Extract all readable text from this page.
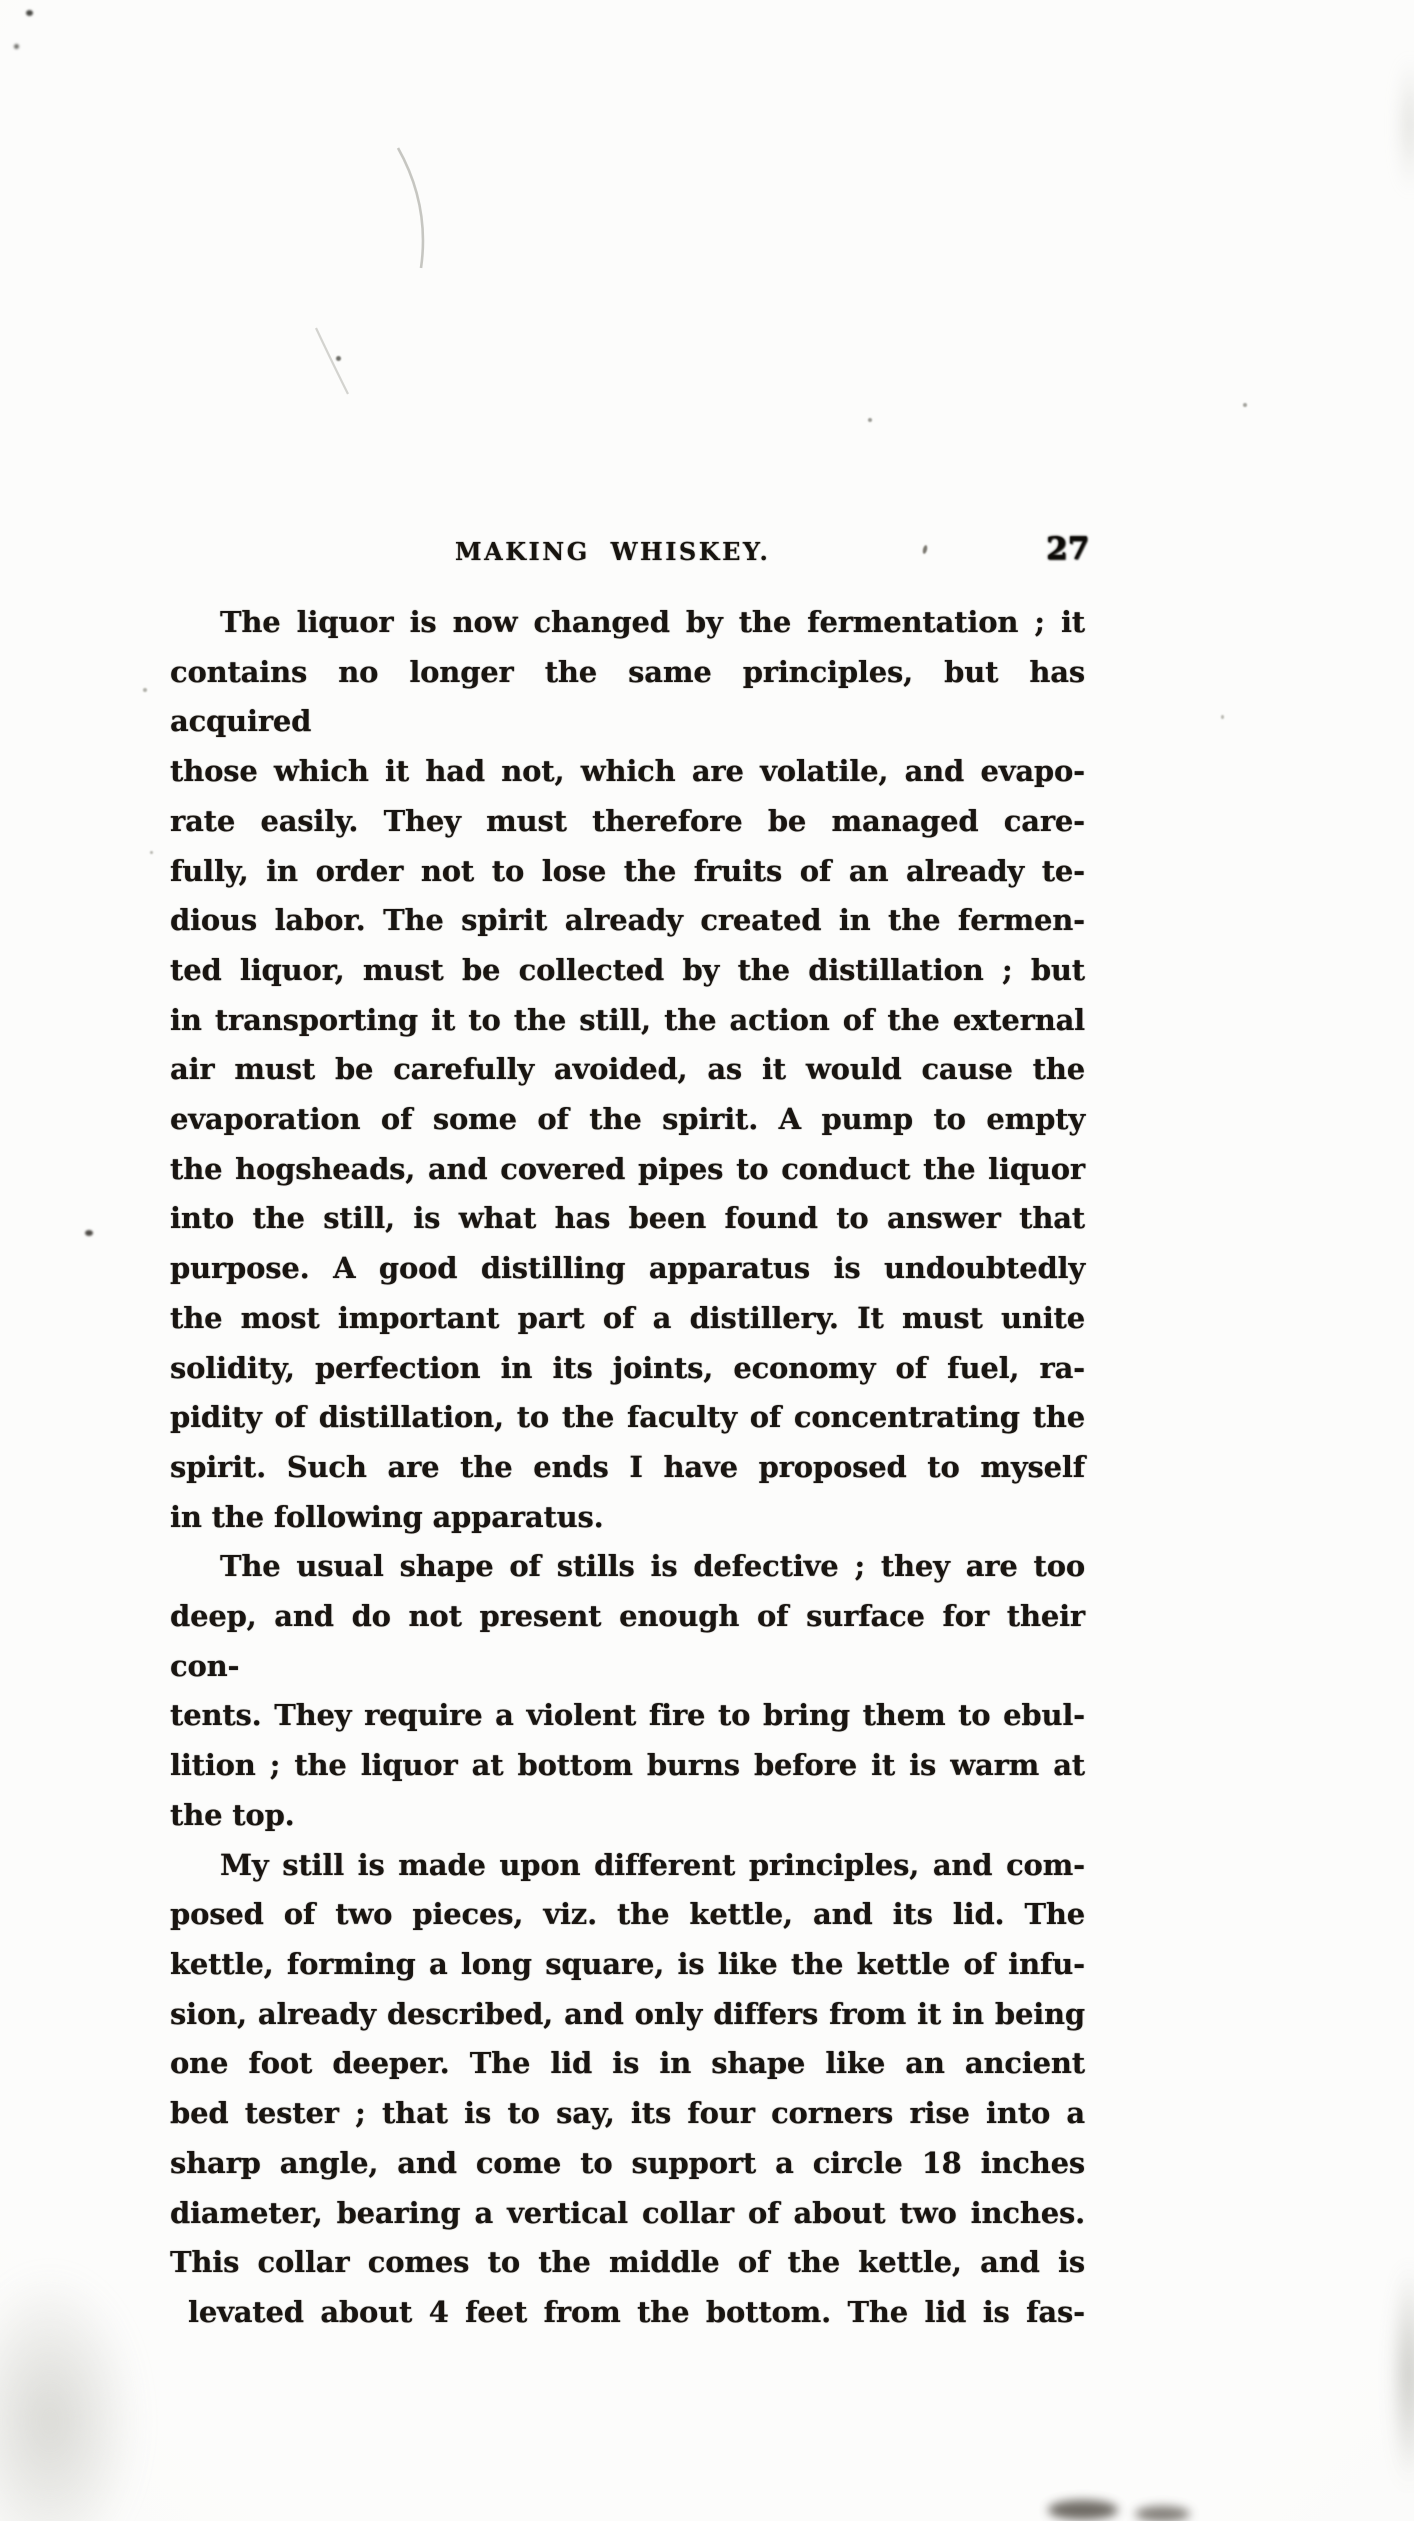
MAKING WHISKEY.	27
The liquor is now changed by the fermentation ; it
contains no longer the same principles, but has acquired
those which it had not, which are volatile, and evapo-
rate easily. They must therefore be managed care-
fully, in order not to lose the fruits of an already te-
dious labor. The spirit already created in the fermen-
ted liquor, must be collected by the distillation ; but
in transporting it to the still, the action of the external
air must be carefully avoided, as it would cause the
evaporation of some of the spirit. A pump to empty
the hogsheads, and covered pipes to conduct the liquor
into the still, is what has been found to answer that
purpose. A good distilling apparatus is undoubtedly
the most important part of a distillery. It must unite
solidity, perfection in its joints, economy of fuel, ra-
pidity of distillation, to the faculty of concentrating the
spirit. Such are the ends I have proposed to myself
in the following apparatus.
The usual shape of stills is defective ; they are too
deep, and do not present enough of surface for their con-
tents. They require a violent fire to bring them to ebul-
lition ; the liquor at bottom burns before it is warm at
the top.
My still is made upon different principles, and com-
posed of two pieces, viz. the kettle, and its lid. The
kettle, forming a long square, is like the kettle of infu-
sion, already described, and only differs from it in being
one foot deeper. The lid is in shape like an ancient
bed tester ; that is to say, its four corners rise into a
sharp angle, and come to support a circle 18 inches
diameter, bearing a vertical collar of about two inches.
This collar comes to the middle of the kettle, and is
levated about 4 feet from the bottom. The lid is fas-
